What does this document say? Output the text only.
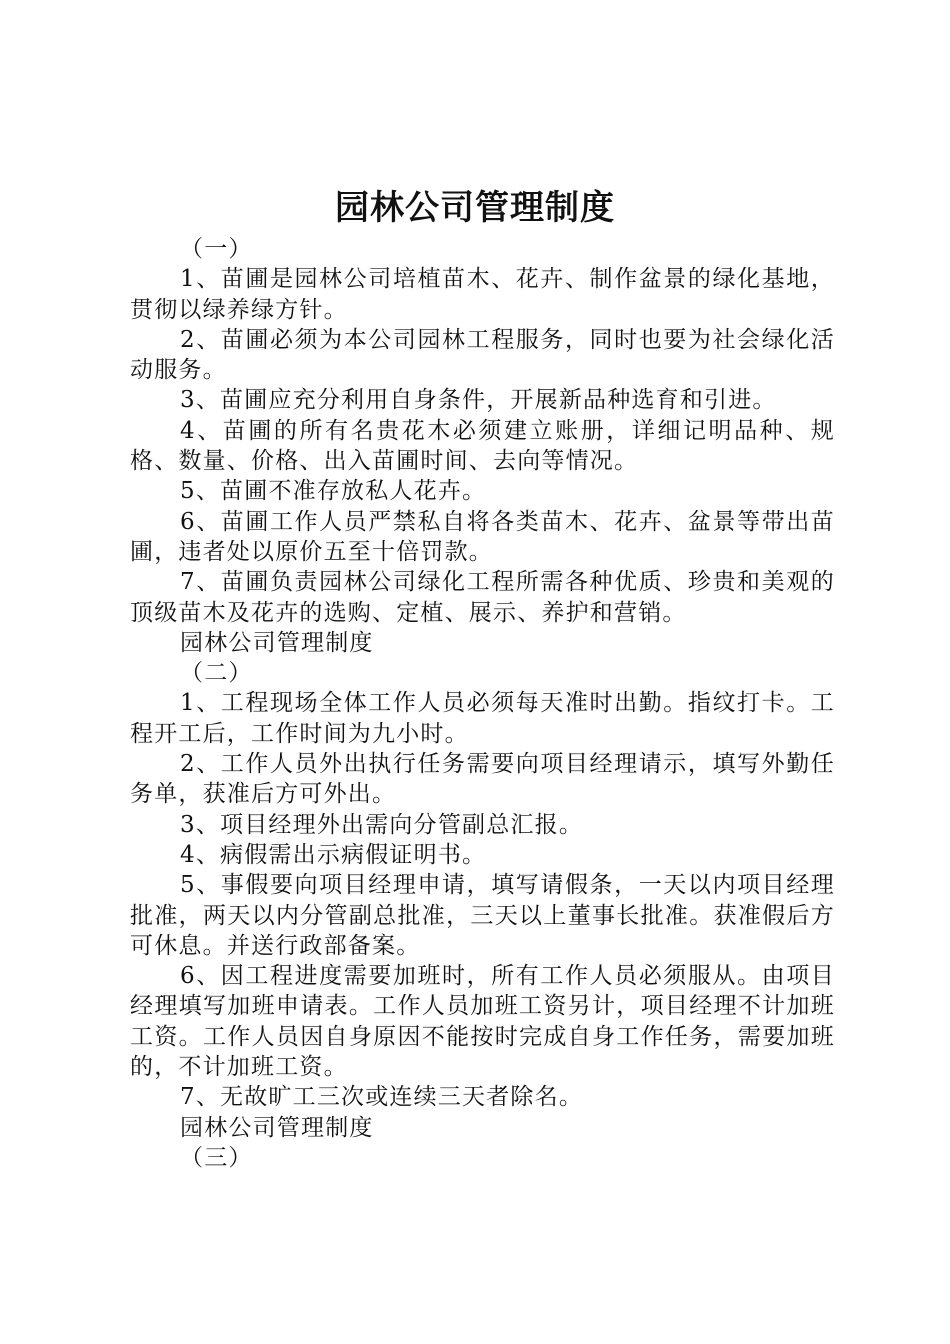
园林公司管理制度

（一）

1、苗圃是园林公司培植苗木、花卉、制作盆景的绿化基地，贯彻以绿养绿方针。

2、苗圃必须为本公司园林工程服务，同时也要为社会绿化活动服务。

3、苗圃应充分利用自身条件，开展新品种选育和引进。

4、苗圃的所有名贵花木必须建立账册，详细记明品种、规格、数量、价格、出入苗圃时间、去向等情况。

5、苗圃不准存放私人花卉。

6、苗圃工作人员严禁私自将各类苗木、花卉、盆景等带出苗圃，违者处以原价五至十倍罚款。

7、苗圃负责园林公司绿化工程所需各种优质、珍贵和美观的顶级苗木及花卉的选购、定植、展示、养护和营销。

园林公司管理制度

（二）

1、工程现场全体工作人员必须每天准时出勤。指纹打卡。工程开工后，工作时间为九小时。

2、工作人员外出执行任务需要向项目经理请示，填写外勤任务单，获准后方可外出。

3、项目经理外出需向分管副总汇报。

4、病假需出示病假证明书。

5、事假要向项目经理申请，填写请假条，一天以内项目经理批准，两天以内分管副总批准，三天以上董事长批准。获准假后方可休息。并送行政部备案。

6、因工程进度需要加班时，所有工作人员必须服从。由项目经理填写加班申请表。工作人员加班工资另计，项目经理不计加班工资。工作人员因自身原因不能按时完成自身工作任务，需要加班的，不计加班工资。

7、无故旷工三次或连续三天者除名。

园林公司管理制度

（三）
